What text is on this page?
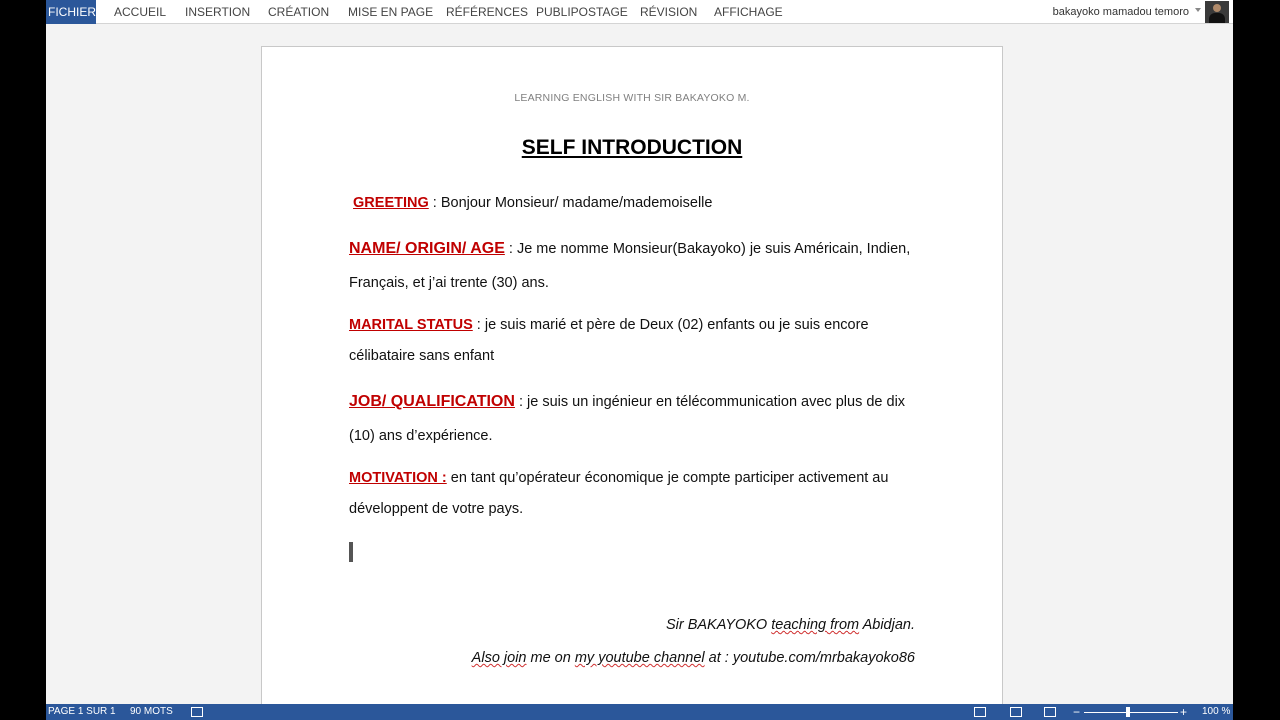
FICHIER ACCUEIL INSERTION CRÉATION MISE EN PAGE RÉFÉRENCES PUBLIPOSTAGE RÉVISION AFFICHAGE	bakayoko mamadou temoro
LEARNING ENGLISH WITH SIR BAKAYOKO M.
SELF INTRODUCTION
GREETING : Bonjour Monsieur/ madame/mademoiselle
NAME/ ORIGIN/ AGE : Je me nomme Monsieur(Bakayoko) je suis Américain, Indien, Français, et j’ai trente (30) ans.
MARITAL STATUS : je suis marié et père de Deux (02) enfants ou je suis encore célibataire sans enfant
JOB/ QUALIFICATION : je suis un ingénieur en télécommunication avec plus de dix (10) ans d’expérience.
MOTIVATION : en tant qu’opérateur économique je compte participer activement au développent de votre pays.
Sir BAKAYOKO teaching from Abidjan.
Also join me on my youtube channel at : youtube.com/mrbakayoko86
PAGE 1 SUR 1 90 MOTS	−	+ 100 %
